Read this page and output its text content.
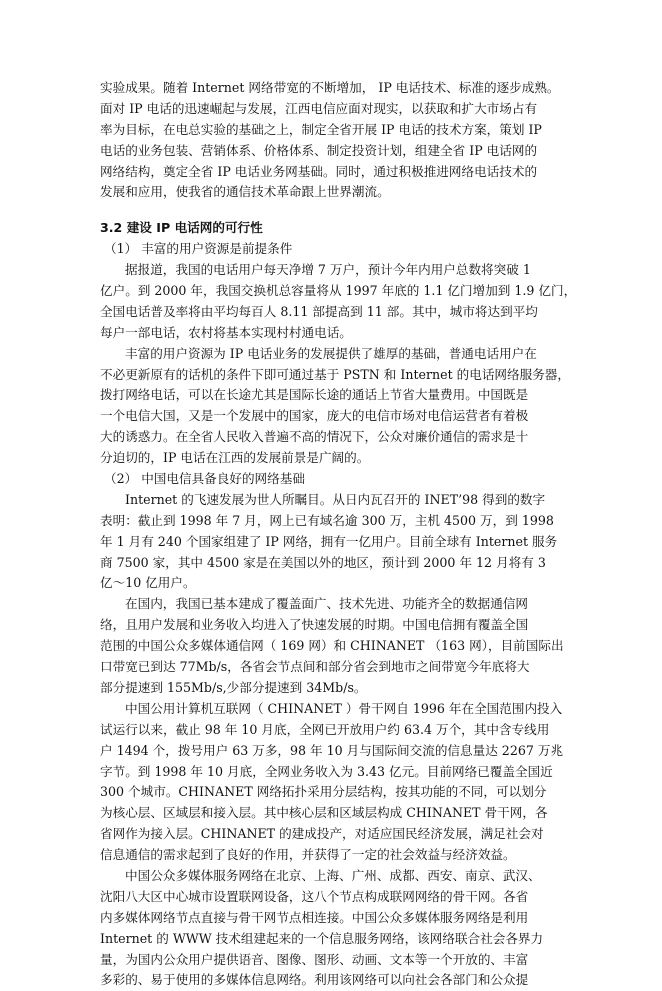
实验成果。随着 Internet 网络带宽的不断增加， IP 电话技术、标准的逐步成熟。
面对 IP 电话的迅速崛起与发展，江西电信应面对现实，以获取和扩大市场占有
率为目标，在电总实验的基础之上，制定全省开展 IP 电话的技术方案，策划 IP
电话的业务包装、营销体系、价格体系、制定投资计划，组建全省 IP 电话网的
网络结构，奠定全省 IP 电话业务网基础。同时，通过积极推进网络电话技术的
发展和应用，使我省的通信技术革命跟上世界潮流。
3.2 建设 IP 电话网的可行性
（1） 丰富的用户资源是前提条件
据报道，我国的电话用户每天净增 7 万户，预计今年内用户总数将突破 1
亿户。到 2000 年，我国交换机总容量将从 1997 年底的 1.1 亿门增加到 1.9 亿门，
全国电话普及率将由平均每百人 8.11 部提高到 11 部。其中，城市将达到平均
每户一部电话，农村将基本实现村村通电话。
丰富的用户资源为 IP 电话业务的发展提供了雄厚的基础，普通电话用户在
不必更新原有的话机的条件下即可通过基于 PSTN 和 Internet 的电话网络服务器，
拨打网络电话，可以在长途尤其是国际长途的通话上节省大量费用。中国既是
一个电信大国，又是一个发展中的国家，庞大的电信市场对电信运营者有着极
大的诱惑力。在全省人民收入普遍不高的情况下，公众对廉价通信的需求是十
分迫切的，IP 电话在江西的发展前景是广阔的。
（2） 中国电信具备良好的网络基础
Internet 的飞速发展为世人所瞩目。从日内瓦召开的 INET’98 得到的数字
表明：截止到 1998 年 7 月，网上已有域名逾 300 万，主机 4500 万，到 1998
年 1 月有 240 个国家组建了 IP 网络，拥有一亿用户。目前全球有 Internet 服务
商 7500 家，其中 4500 家是在美国以外的地区，预计到 2000 年 12 月将有 3
亿～10 亿用户。
在国内，我国已基本建成了覆盖面广、技术先进、功能齐全的数据通信网
络，且用户发展和业务收入均进入了快速发展的时期。中国电信拥有覆盖全国
范围的中国公众多媒体通信网（ 169 网）和 CHINANET （163 网），目前国际出
口带宽已到达 77Mb/s，各省会节点间和部分省会到地市之间带宽今年底将大
部分提速到 155Mb/s,少部分提速到 34Mb/s。
中国公用计算机互联网（ CHINANET ）骨干网自 1996 年在全国范围内投入
试运行以来，截止 98 年 10 月底，全网已开放用户约 63.4 万个，其中含专线用
户 1494 个，拨号用户 63 万多，98 年 10 月与国际间交流的信息量达 2267 万兆
字节。到 1998 年 10 月底，全网业务收入为 3.43 亿元。目前网络已覆盖全国近
300 个城市。CHINANET 网络拓扑采用分层结构，按其功能的不同，可以划分
为核心层、区域层和接入层。其中核心层和区域层构成 CHINANET 骨干网，各
省网作为接入层。CHINANET 的建成投产，对适应国民经济发展，满足社会对
信息通信的需求起到了良好的作用，并获得了一定的社会效益与经济效益。
中国公众多媒体服务网络在北京、上海、广州、成都、西安、南京、武汉、
沈阳八大区中心城市设置联网设备，这八个节点构成联网网络的骨干网。各省
内多媒体网络节点直接与骨干网节点相连接。中国公众多媒体服务网络是利用
Internet 的 WWW 技术组建起来的一个信息服务网络，该网络联合社会各界力
量，为国内公众用户提供语音、图像、图形、动画、文本等一个开放的、丰富
多彩的、易于使用的多媒体信息网络。利用该网络可以向社会各部门和公众提
